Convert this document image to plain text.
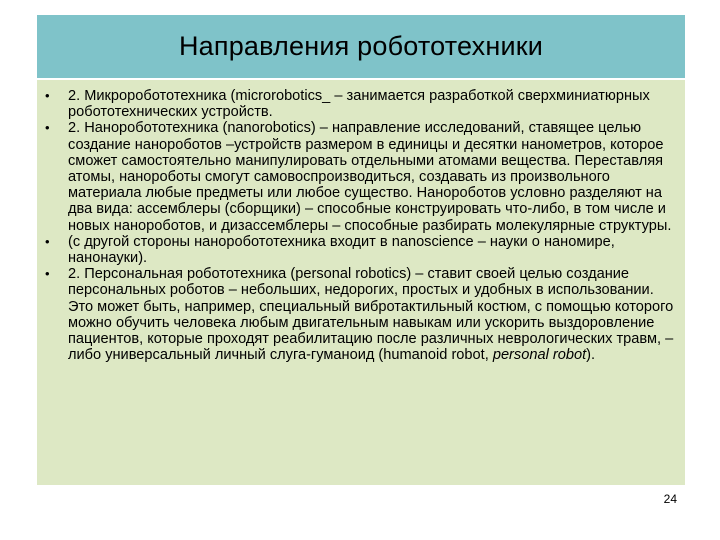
Направления робототехники
• 2. Микроробототехника (microrobotics_ – занимается разработкой сверхминиатюрных робототехнических устройств.
• 2. Наноробототехника (nanorobotics) – направление исследований, ставящее целью создание нанороботов –устройств размером в единицы и десятки нанометров, которое сможет самостоятельно манипулировать отдельными атомами вещества. Переставляя атомы, нанороботы смогут самовоспроизводиться, создавать из произвольного материала любые предметы или любое существо. Нанороботов условно разделяют на два вида: ассемблеры (сборщики) – способные конструировать что-либо, в том числе и новых нанороботов, и дизассемблеры – способные разбирать молекулярные структуры.
• (с другой стороны наноробототехника входит в nanoscience – науки о наномире, нанонауки).
• 2. Персональная робототехника (personal robotics) – ставит своей целью создание персональных роботов – небольших, недорогих, простых и удобных в использовании. Это может быть, например, специальный вибротактильный костюм, с помощью которого можно обучить человека любым двигательным навыкам или ускорить выздоровление пациентов, которые проходят реабилитацию после различных неврологических травм, – либо универсальный личный слуга-гуманоид (humanoid robot, personal robot).
24
